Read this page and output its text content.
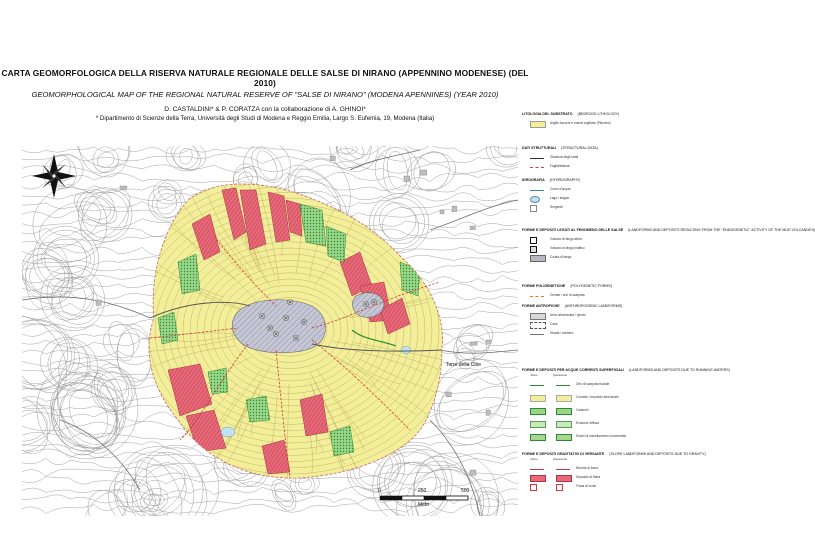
CARTA GEOMORFOLOGICA DELLA RISERVA NATURALE REGIONALE DELLE SALSE DI NIRANO (APPENNINO MODENESE) (DEL 2010)
GEOMORPHOLOGICAL MAP OF THE REGIONAL NATURAL RESERVE OF "SALSE DI NIRANO" (MODENA APENNINES) (YEAR 2010)
D. CASTALDINI* & P. CORATZA con la collaborazione di A. GHINOI*
* Dipartimento di Scienze della Terra, Università degli Studi di Modena e Reggio Emilia, Largo S. Eufemia, 19, Modena (Italia)
Torre della Cibe
0	250	500
Metri
LITOLOGIA DEL SUBSTRATO (BEDROCK LITHOLOGY)
Argille Azzurre e marne argillose (Pliocene)
DATI STRUTTURALI (STRUCTURAL DATA)
Giacitura degli strati
Faglia/fratture
IDROGRAFIA (HYDROGRAPHY)
Corso d'acqua
Lago / stagno
Sorgente
FORME E DEPOSITI LEGATI AL FENOMENO DELLE SALSE (LANDFORMS AND DEPOSITS RESULTING FROM THE "ENDOGENETIC" ACTIVITY OF THE MUD VOLCANOES)
Vulcano di fango attivo
Vulcano di fango inattivo
Colata di fango
FORME POLIGENETICHE (POLYGENETIC FORMS)
Crinale / orlo di scarpata
FORME ANTROPICHE (ANTHROPOGENIC LANDFORMS)
Area urbanizzata / riporto
Cava
Strada / sentiero
FORME E DEPOSITI PER ACQUE CORRENTI SUPERFICIALI (LANDFORMS AND DEPOSITS DUE TO RUNNING WATERS)
Attivo	Quiescente
Orlo di scarpata fluviale
Conoide / deposito alluvionale
Calanchi
Erosione diffusa
Solchi di ruscellamento concentrato
FORME E DEPOSITI GRAVITATIVI DI VERSANTE (SLOPE LANDFORMS AND DEPOSITS DUE TO GRAVITY)
Attivo	Quiescente
Nicchia di frana
Deposito di frana
Frana di crollo
